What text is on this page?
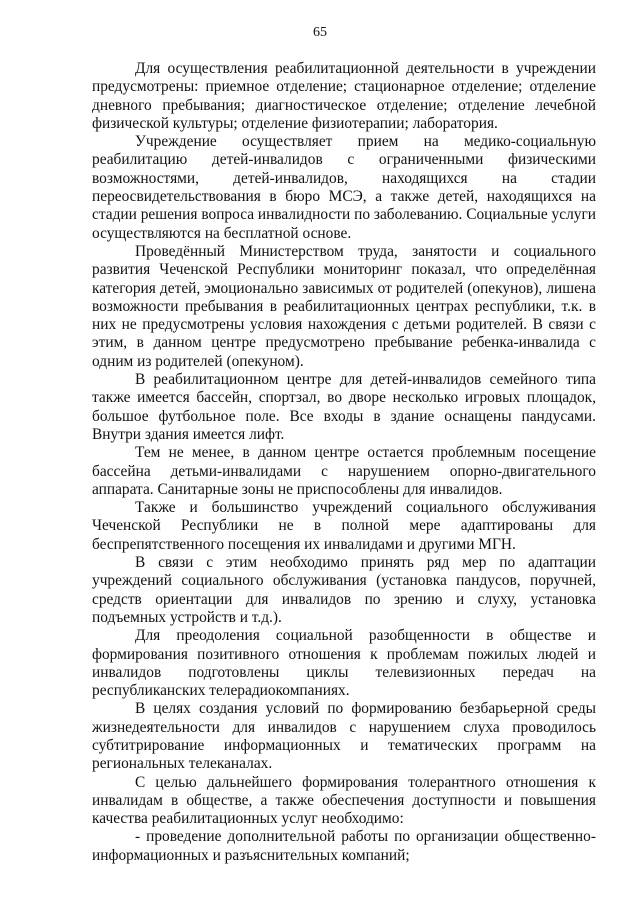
65

Для осуществления реабилитационной деятельности в учреждении предусмотрены: приемное отделение; стационарное отделение; отделение дневного пребывания; диагностическое отделение; отделение лечебной физической культуры; отделение физиотерапии; лаборатория.

Учреждение осуществляет прием на медико-социальную реабилитацию детей-инвалидов с ограниченными физическими возможностями, детей-инвалидов, находящихся на стадии переосвидетельствования в бюро МСЭ, а также детей, находящихся на стадии решения вопроса инвалидности по заболеванию. Социальные услуги осуществляются на бесплатной основе.

Проведённый Министерством труда, занятости и социального развития Чеченской Республики мониторинг показал, что определённая категория детей, эмоционально зависимых от родителей (опекунов), лишена возможности пребывания в реабилитационных центрах республики, т.к. в них не предусмотрены условия нахождения с детьми родителей. В связи с этим, в данном центре предусмотрено пребывание ребенка-инвалида с одним из родителей (опекуном).

В реабилитационном центре для детей-инвалидов семейного типа также имеется бассейн, спортзал, во дворе несколько игровых площадок, большое футбольное поле. Все входы в здание оснащены пандусами. Внутри здания имеется лифт.

Тем не менее, в данном центре остается проблемным посещение бассейна детьми-инвалидами с нарушением опорно-двигательного аппарата. Санитарные зоны не приспособлены для инвалидов.

Также и большинство учреждений социального обслуживания Чеченской Республики не в полной мере адаптированы для беспрепятственного посещения их инвалидами и другими МГН.

В связи с этим необходимо принять ряд мер по адаптации учреждений социального обслуживания (установка пандусов, поручней, средств ориентации для инвалидов по зрению и слуху, установка подъемных устройств и т.д.).

Для преодоления социальной разобщенности в обществе и формирования позитивного отношения к проблемам пожилых людей и инвалидов подготовлены циклы телевизионных передач на республиканских телерадиокомпаниях.

В целях создания условий по формированию безбарьерной среды жизнедеятельности для инвалидов с нарушением слуха проводилось субтитрирование информационных и тематических программ на региональных телеканалах.

С целью дальнейшего формирования толерантного отношения к инвалидам в обществе, а также обеспечения доступности и повышения качества реабилитационных услуг необходимо:

- проведение дополнительной работы по организации общественно-информационных и разъяснительных компаний;
